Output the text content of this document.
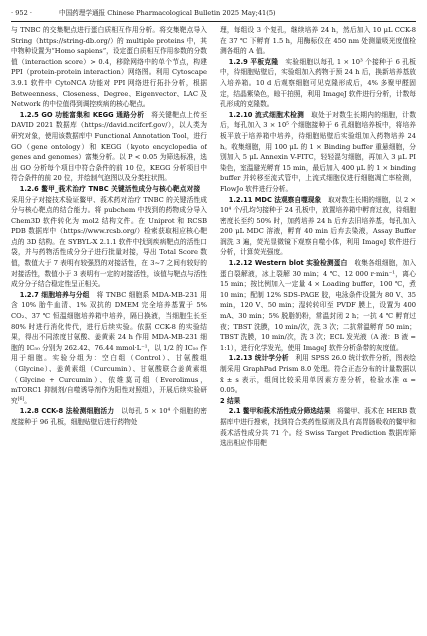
· 952 ·	中国药理学通报 Chinese Pharmacological Bulletin 2025 May;41(5)

与 TNBC 的交集靶点进行蛋白质相互作用分析。将交集靶点导入 String（https://string-db.org/）的 multiple proteins 中，其中物种设置为“Homo sapiens”，设定蛋白质相互作用参数的分数值（interaction score）> 0.4，移除网络中的单个节点，构建 PPI（protein-protein interaction）网络图。利用 Cytoscape 3.9.1 软件中 CytoNCA 功能对 PPI 网络进行拓扑分析，根据 Betweenness、Closeness、Degree、Eigenvector、LAC 及 Network 的中位值得到调控疾病的核心靶点。

1.2.5 GO 功能富集和 KEGG 通路分析  将关键靶点上传至 DAVID 2021 数据库（https://david.ncifcrf.gov/），以人类为研究对象，使用该数据库中 Functional Annotation Tool，进行 GO（gene ontology）和 KEGG（kyoto encyclopedia of genes and genomes）富集分析。以 P < 0.05 为筛选标准，选出 GO 分析每个项目中符合条件的前 10 位，KEGG 分析项目中符合条件的前 20 位，并绘制气泡图以及分类柱状图。

1.2.6 鳖甲_莪术治疗 TNBC 关键活性成分与核心靶点对接 采用分子对接技术验证鳖甲、莪术药对治疗 TNBC 的关键活性成分与核心靶点的结合能力。将 pubchem 中找到的药物成分导入 Chem3D 软件转化为 mol2 结构文件。在 Uniprot 和 RCSB PDB 数据库中（https://www.rcsb.org/）检索获取相应核心靶点的 3D 结构。在 SYBYL-X 2.1.1 软件中找到疾病靶点的活性口袋，并与药物活性成分分子进行批量对接，导出 Total Score 数值，数值大于 7 表明有较强烈的对接活性，在 3~7 之间有较好的对接活性，数值小于 3 表明有一定的对接活性，该值与靶点与活性成分分子结合稳定性呈正相关。

1.2.7 细胞培养与分组  将 TNBC 细胞系 MDA-MB-231 用含 10% 胎牛血清、1% 双抗的 DMEM 完全培养基置于 5% CO₂、37 ℃ 恒温细胞培养箱中培养，隔日换液，当细胞生长至 80% 时进行消化传代，进行后续实验。依据 CCK-8 的实验结果，得出不同浓度甘氨酸、姜黄素 24 h 作用 MDA-MB-231 细胞的 IC₅₀ 分别为 262.42、76.44 mmol·L⁻¹，以 1/2 的 IC₅₀ 作用于细胞。实验分组为：空白组（Control）、甘氨酸组（Glycine）、姜黄素组（Curcumin）、甘氨酸联合姜黄素组（Glycine + Curcumin）、依维莫司组（Everolimus，mTORC1 抑制剂/自噬诱导剂作为阳性对照组），开展后续实验研究[6]。

1.2.8 CCK-8 法检测细胞活力  以每孔 5 × 10⁴ 个细胞的密度接种于 96 孔板，细胞贴壁后进行药物处

理，每组设 3 个复孔，继续培养 24 h，然后加入 10 μL CCK-8 在 37 ℃ 下孵育 1.5 h，用酶标仪在 450 nm 处测量吸光度值检测各组的 A 值。

1.2.9 平板克隆  实验细胞以每孔 1 × 10³ 个接种于 6 孔板中，待细胞贴壁后，实验组加入药物于预 24 h 后，换新培养基放入培养箱。10 d 后观察细胞可见克隆形成后，4% 多聚甲醛固定，结晶紫染色，晾干拍照，利用 ImageJ 软件进行分析，计数每孔形成的克隆数。

1.2.10 流式细胞术检测  取处于对数生长期内的细胞，计数后，每孔加入 3 × 10⁵ 个细胞接种于 6 孔细胞培养板中，将培养板平放于培养箱中培养，待细胞贴壁后实验组加入药物培养 24 h。收集细胞，用 100 μL 的 1 × Binding buffer 重悬细胞，分别加入 5 μL Annexin V-FITC，轻轻混匀细胞，再加入 3 μL PI 染色，室温避光孵育 15 min，最后加入 400 μL 的 1 × binding buffer 并转移至流式管中，上流式细胞仪进行细胞凋亡率检测，FlowJo 软件进行分析。

1.2.11 MDC 法观察自噬现象  取对数生长期的细胞，以 2 × 10⁴ 个/孔均匀接种于 24 孔板中，放置培养箱中孵育过夜，待细胞密度长至约 50% 时，加药培养 24 h 后弃去旧培养基，每孔加入 200 μL MDC 溶液，孵育 40 min 后弃去染液，Assay Buffer 润洗 3 遍，荧光显微镜下观察自噬小体，利用 ImageJ 软件进行分析，计算荧光强度。

1.2.12 Western blot 实验检测蛋白  收集各组细胞，加入蛋白裂解液，冰上裂解 30 min；4 ℃、12 000 r·min⁻¹，离心 15 min；按比例加入一定量 4 × Loading buffer，100 ℃，煮 10 min；配制 12% SDS-PAGE 胶，电泳条件设置为 80 V、35 min，120 V、50 min；湿转转印至 PVDF 膜上，设置为 400 mA、30 min；5% 脱脂奶粉，常温封闭 2 h；一抗 4 ℃ 孵育过夜；TBST 洗膜，10 min/次，洗 3 次；二抗常温孵育 50 min；TBST 洗膜，10 min/次，洗 3 次；ECL 发光液（A 液：B 液 = 1:1），进行化学发光，使用 ImageJ 软件分析条带的灰度值。

1.2.13 统计学分析  利用 SPSS 26.0 统计软件分析，图表绘制采用 GraphPad Prism 8.0 处理。符合正态分布的计量数据以 x̄ ± s 表示，组间比较采用单因素方差分析，检验水准 α = 0.05。

2 结果

2.1 鳖甲和莪术活性成分筛选结果  将鳖甲、莪术在 HERB 数据库中进行搜索，找到符合类药性原则及具有高胃肠吸收的鳖甲和莪术活性成分共 71 个。经 Swiss Target Prediction 数据库筛选出相应作用靶
